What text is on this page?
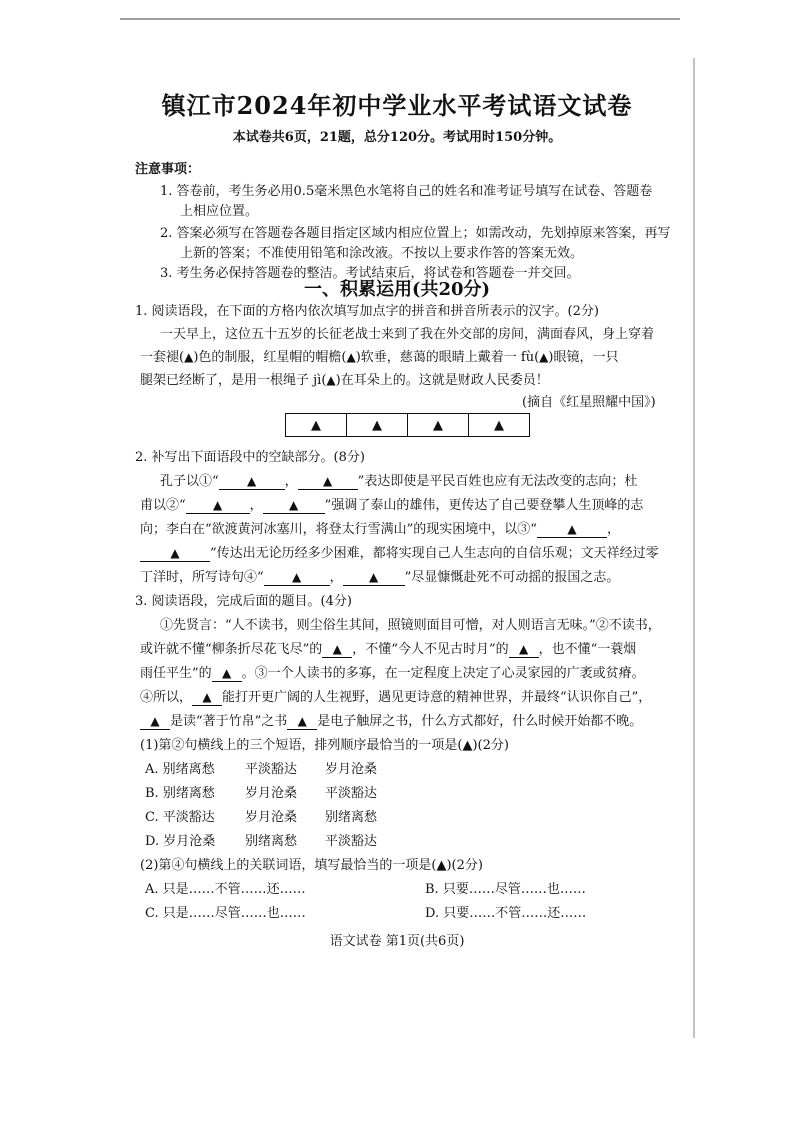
镇江市2024年初中学业水平考试语文试卷
本试卷共6页，21题，总分120分。考试用时150分钟。
注意事项：
1. 答卷前，考生务必用0.5毫米黑色水笔将自己的姓名和准考证号填写在试卷、答题卷
上相应位置。
2. 答案必须写在答题卷各题目指定区域内相应位置上；如需改动，先划掉原来答案，再写
上新的答案；不准使用铅笔和涂改液。不按以上要求作答的答案无效。
3. 考生务必保持答题卷的整洁。考试结束后，将试卷和答题卷一并交回。
一、积累运用(共20分)
1. 阅读语段，在下面的方格内依次填写加点字的拼音和拼音所表示的汉字。(2分)
一天早上，这位五十五岁的长征老战士来到了我在外交部的房间，满面春风，身上穿着
一套褪(▲)色的制服，红星帽的帽檐(▲)软垂，慈蔼的眼睛上戴着一 fù(▲)眼镜，一只
腿架已经断了，是用一根绳子 jì(▲)在耳朵上的。这就是财政人民委员！
(摘自《红星照耀中国》)
▲	▲	▲	▲
2. 补写出下面语段中的空缺部分。(8分)
孔子以①“ ▲ ， ▲ ”表达即使是平民百姓也应有无法改变的志向；杜
甫以②“ ▲ ， ▲ ”强调了泰山的雄伟，更传达了自己要登攀人生顶峰的志
向；李白在“欲渡黄河冰塞川，将登太行雪满山”的现实困境中，以③“	▲ ，
▲ ”传达出无论历经多少困难，都将实现自己人生志向的自信乐观；文天祥经过零
丁洋时，所写诗句④“ ▲ ， ▲ ”尽显慷慨赴死不可动摇的报国之志。
3. 阅读语段，完成后面的题目。(4分)
①先贤言：“人不读书，则尘俗生其间，照镜则面目可憎，对人则语言无味。”②不读书，
或许就不懂“柳条折尽花飞尽”的 ▲ ，不懂“今人不见古时月”的 ▲ ，也不懂“一蓑烟
雨任平生”的 ▲ 。③一个人读书的多寡，在一定程度上决定了心灵家园的广袤或贫瘠。
④所以， ▲ 能打开更广阔的人生视野，遇见更诗意的精神世界，并最终“认识你自己”，
▲ 是读“著于竹帛”之书 ▲ 是电子触屏之书，什么方式都好，什么时候开始都不晚。
(1)第②句横线上的三个短语，排列顺序最恰当的一项是(▲)(2分)
A. 别绪离愁 平淡豁达 岁月沧桑
B. 别绪离愁 岁月沧桑 平淡豁达
C. 平淡豁达 岁月沧桑 别绪离愁
D. 岁月沧桑 别绪离愁 平淡豁达
(2)第④句横线上的关联词语，填写最恰当的一项是(▲)(2分)
A. 只是……不管……还……	B. 只要……尽管……也……
C. 只是……尽管……也……	D. 只要……不管……还……
语文试卷 第1页(共6页)
